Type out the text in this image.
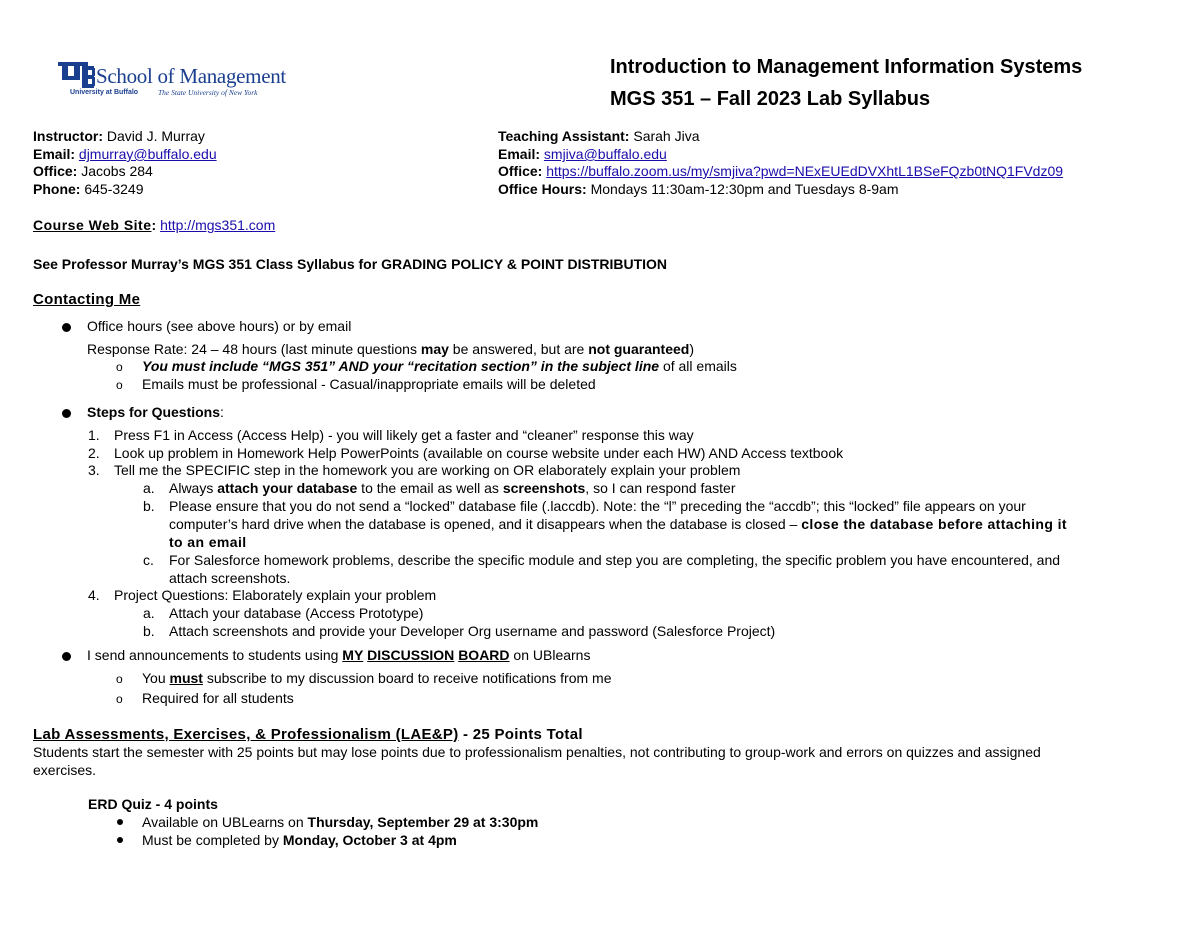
School of Management
University at Buffalo	The State University of New York
Introduction to Management Information Systems
MGS 351 – Fall 2023 Lab Syllabus
Instructor: David J. Murray
Email: djmurray@buffalo.edu
Office: Jacobs 284
Phone: 645-3249
Teaching Assistant: Sarah Jiva
Email: smjiva@buffalo.edu
Office: https://buffalo.zoom.us/my/smjiva?pwd=NExEUEdDVXhtL1BSeFQzb0tNQ1FVdz09
Office Hours: Mondays 11:30am-12:30pm and Tuesdays 8-9am
Course Web Site: http://mgs351.com
See Professor Murray’s MGS 351 Class Syllabus for GRADING POLICY & POINT DISTRIBUTION
Contacting Me
Office hours (see above hours) or by email
Response Rate: 24 – 48 hours (last minute questions may be answered, but are not guaranteed)
o You must include “MGS 351” AND your “recitation section” in the subject line of all emails
o Emails must be professional - Casual/inappropriate emails will be deleted
Steps for Questions:
1. Press F1 in Access (Access Help) - you will likely get a faster and “cleaner” response this way
2. Look up problem in Homework Help PowerPoints (available on course website under each HW) AND Access textbook
3. Tell me the SPECIFIC step in the homework you are working on OR elaborately explain your problem
a. Always attach your database to the email as well as screenshots, so I can respond faster
b. Please ensure that you do not send a “locked” database file (.laccdb). Note: the “l” preceding the “accdb”; this “locked” file appears on your
computer’s hard drive when the database is opened, and it disappears when the database is closed – close the database before attaching it
to an email
c. For Salesforce homework problems, describe the specific module and step you are completing, the specific problem you have encountered, and
attach screenshots.
4. Project Questions: Elaborately explain your problem
a. Attach your database (Access Prototype)
b. Attach screenshots and provide your Developer Org username and password (Salesforce Project)
I send announcements to students using MY DISCUSSION BOARD on UBlearns
o You must subscribe to my discussion board to receive notifications from me
o Required for all students
Lab Assessments, Exercises, & Professionalism (LAE&P) - 25 Points Total
Students start the semester with 25 points but may lose points due to professionalism penalties, not contributing to group-work and errors on quizzes and assigned
exercises.
ERD Quiz - 4 points
Available on UBLearns on Thursday, September 29 at 3:30pm
Must be completed by Monday, October 3 at 4pm
